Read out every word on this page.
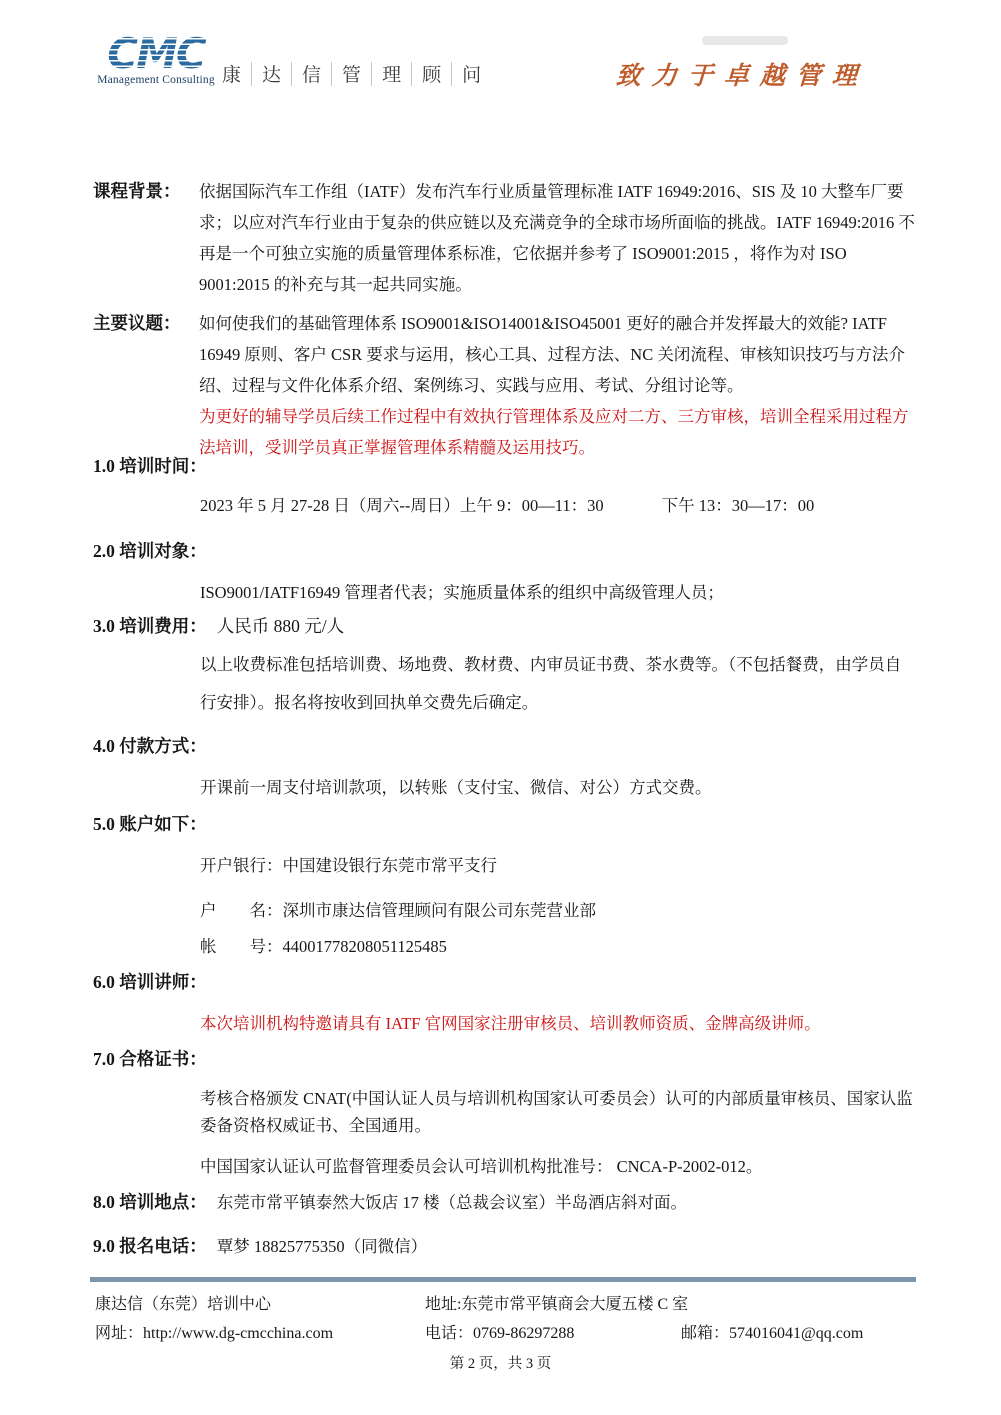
CMC
Management Consulting 康	达	信	管	理	顾	问	致力于卓越管理
课程背景：	依据国际汽车工作组（IATF）发布汽车行业质量管理标准 IATF 16949:2016、SIS 及 10 大整车厂要求；以应对汽车行业由于复杂的供应链以及充满竞争的全球市场所面临的挑战。IATF 16949:2016 不再是一个可独立实施的质量管理体系标准，它依据并参考了 ISO9001:2015 ，将作为对 ISO 9001:2015 的补充与其一起共同实施。
主要议题：	如何使我们的基础管理体系 ISO9001&ISO14001&ISO45001 更好的融合并发挥最大的效能? IATF 16949 原则、客户 CSR 要求与运用，核心工具、过程方法、NC 关闭流程、审核知识技巧与方法介绍、过程与文件化体系介绍、案例练习、实践与应用、考试、分组讨论等。
为更好的辅导学员后续工作过程中有效执行管理体系及应对二方、三方审核，培训全程采用过程方法培训，受训学员真正掌握管理体系精髓及运用技巧。
1.0 培训时间：
2023 年 5 月 27-28 日（周六--周日）上午 9：00—11：30	下午 13：30—17：00
2.0 培训对象：
ISO9001/IATF16949 管理者代表；实施质量体系的组织中高级管理人员；
3.0 培训费用： 人民币 880 元/人
以上收费标准包括培训费、场地费、教材费、内审员证书费、茶水费等。（不包括餐费，由学员自行安排）。报名将按收到回执单交费先后确定。
4.0 付款方式：
开课前一周支付培训款项，以转账（支付宝、微信、对公）方式交费。
5.0 账户如下：
开户银行：中国建设银行东莞市常平支行
户　　名：深圳市康达信管理顾问有限公司东莞营业部
帐　　号：44001778208051125485
6.0 培训讲师：
本次培训机构特邀请具有 IATF 官网国家注册审核员、培训教师资质、金牌高级讲师。
7.0 合格证书：
考核合格颁发 CNAT(中国认证人员与培训机构国家认可委员会）认可的内部质量审核员、国家认监委备资格权威证书、全国通用。
中国国家认证认可监督管理委员会认可培训机构批准号： CNCA-P-2002-012。
8.0 培训地点： 东莞市常平镇泰然大饭店 17 楼（总裁会议室）半岛酒店斜对面。
9.0 报名电话： 覃梦 18825775350（同微信）
康达信（东莞）培训中心	地址:东莞市常平镇商会大厦五楼 C 室
网址：http://www.dg-cmcchina.com	电话：0769-86297288	邮箱：574016041@qq.com
第 2 页，共 3 页
